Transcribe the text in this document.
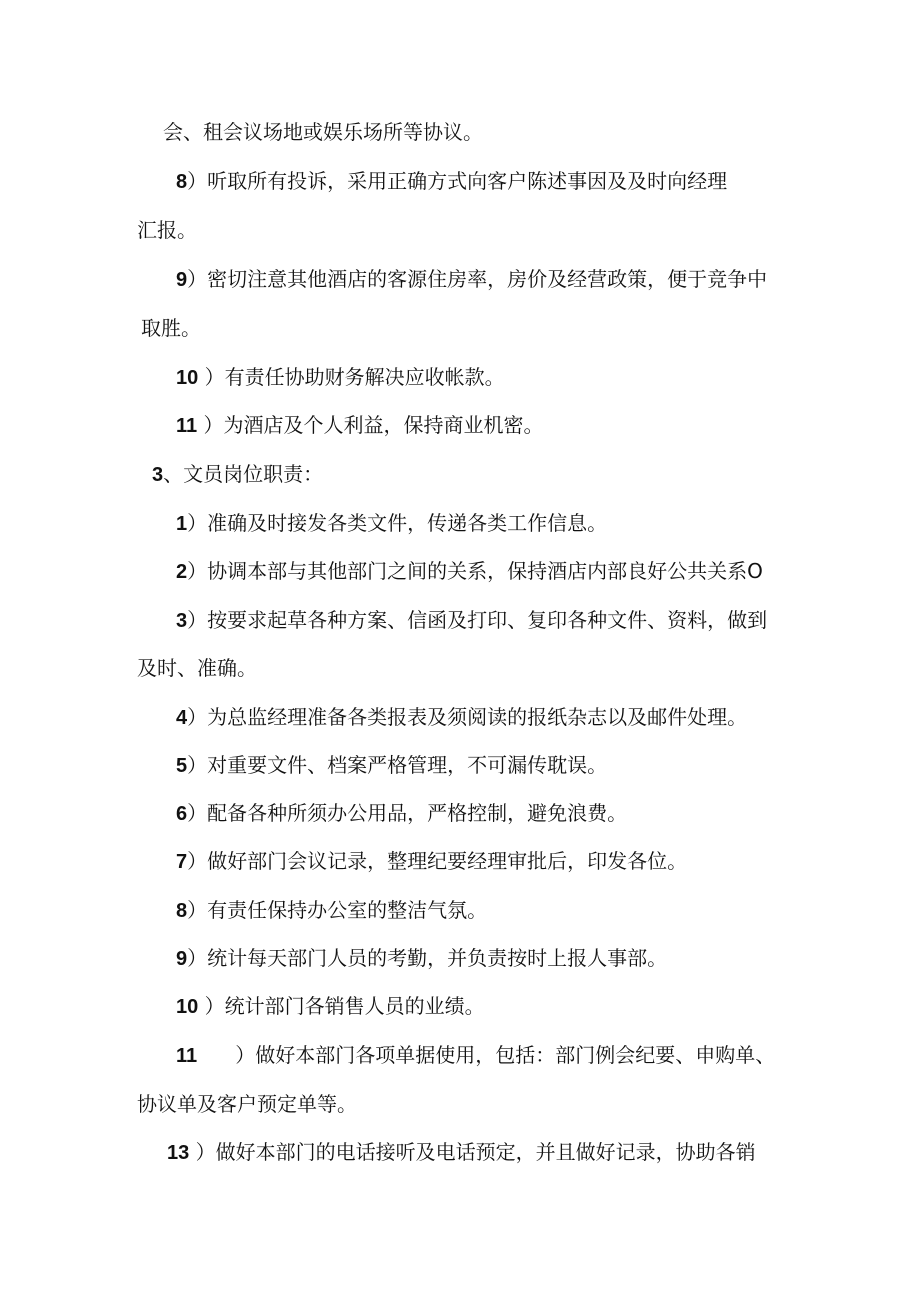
会、租会议场地或娱乐场所等协议。
8）听取所有投诉，采用正确方式向客户陈述事因及及时向经理
汇报。
9）密切注意其他酒店的客源住房率，房价及经营政策，便于竞争中
取胜。
10 ）有责任协助财务解决应收帐款。
11 ）为酒店及个人利益，保持商业机密。
3、文员岗位职责：
1）准确及时接发各类文件，传递各类工作信息。
2）协调本部与其他部门之间的关系，保持酒店内部良好公共关系O
3）按要求起草各种方案、信函及打印、复印各种文件、资料，做到
及时、准确。
4）为总监经理准备各类报表及须阅读的报纸杂志以及邮件处理。
5）对重要文件、档案严格管理，不可漏传耽误。
6）配备各种所须办公用品，严格控制，避免浪费。
7）做好部门会议记录，整理纪要经理审批后，印发各位。
8）有责任保持办公室的整洁气氛。
9）统计每天部门人员的考勤，并负责按时上报人事部。
10 ）统计部门各销售人员的业绩。
11      ）做好本部门各项单据使用，包括：部门例会纪要、申购单、
协议单及客户预定单等。
13 ）做好本部门的电话接听及电话预定，并且做好记录，协助各销
